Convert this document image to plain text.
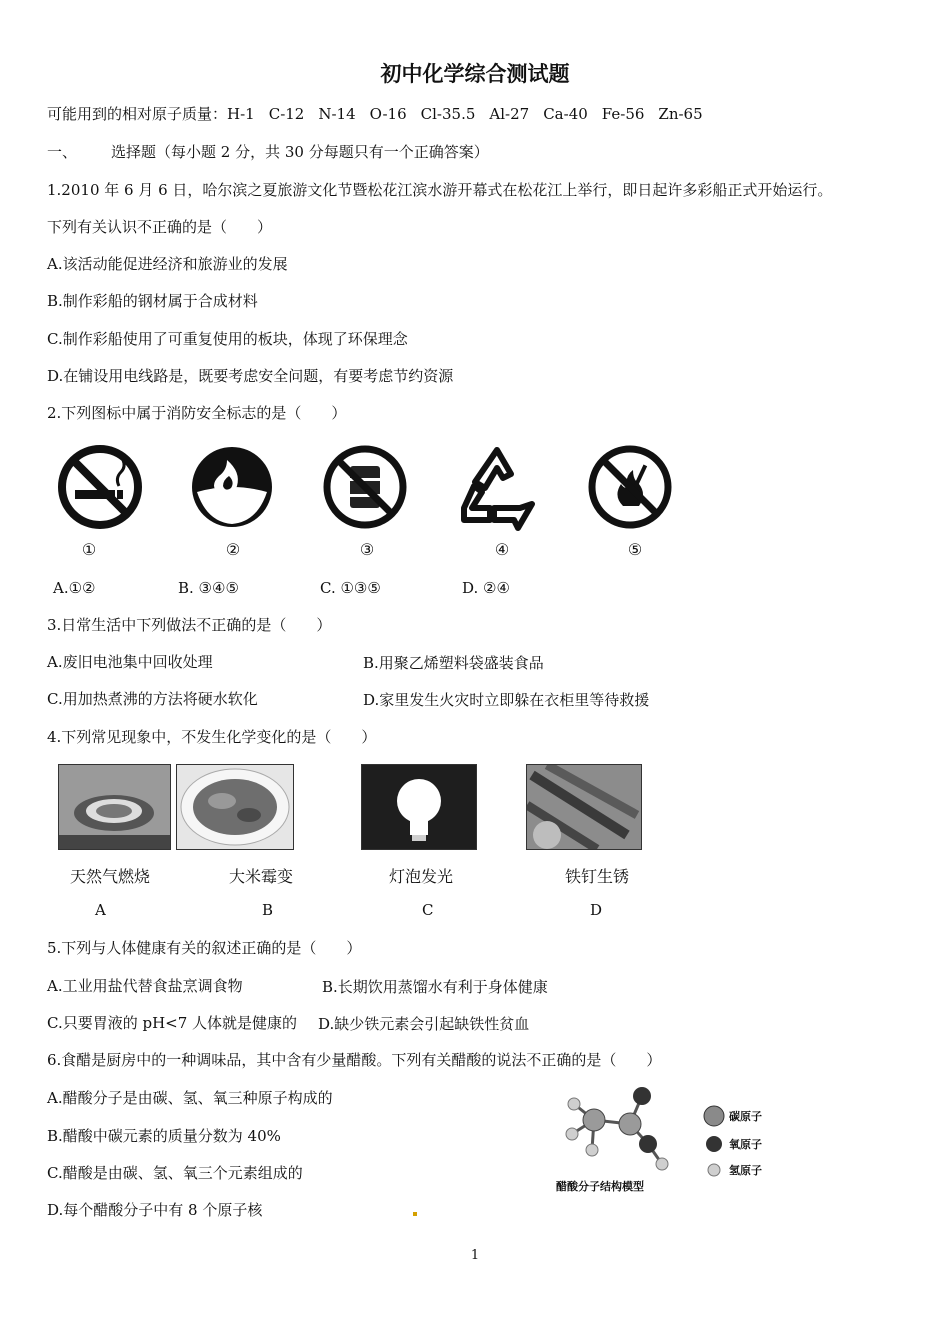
初中化学综合测试题
可能用到的相对原子质量：H-1 C-12 N-14 O-16 Cl-35.5 Al-27 Ca-40 Fe-56 Zn-65
一、 选择题（每小题 2 分，共 30 分每题只有一个正确答案）
1.2010 年 6 月 6 日，哈尔滨之夏旅游文化节暨松花江滨水游开幕式在松花江上举行，即日起许多彩船正式开始运行。
下列有关认识不正确的是（　　）
A.该活动能促进经济和旅游业的发展
B.制作彩船的钢材属于合成材料
C.制作彩船使用了可重复使用的板块，体现了环保理念
D.在铺设用电线路是，既要考虑安全问题，有要考虑节约资源
2.下列图标中属于消防安全标志的是（　　）
①	②	③	④	⑤
A.①②	B. ③④⑤	C. ①③⑤	D. ②④
3.日常生活中下列做法不正确的是（　　）
A.废旧电池集中回收处理	B.用聚乙烯塑料袋盛装食品
C.用加热煮沸的方法将硬水软化	D.家里发生火灾时立即躲在衣柜里等待救援
4.下列常见现象中，不发生化学变化的是（　　）
天然气燃烧	大米霉变	灯泡发光	铁钉生锈
A	B	C	D
5.下列与人体健康有关的叙述正确的是（　　）
A.工业用盐代替食盐烹调食物	B.长期饮用蒸馏水有利于身体健康
C.只要胃液的 pH<7 人体就是健康的 D.缺少铁元素会引起缺铁性贫血
6.食醋是厨房中的一种调味品，其中含有少量醋酸。下列有关醋酸的说法不正确的是（　　）
A.醋酸分子是由碳、氢、氧三种原子构成的
B.醋酸中碳元素的质量分数为 40%
C.醋酸是由碳、氢、氧三个元素组成的
D.每个醋酸分子中有 8 个原子核
醋酸分子结构模型
碳原子
氧原子
氢原子
1
